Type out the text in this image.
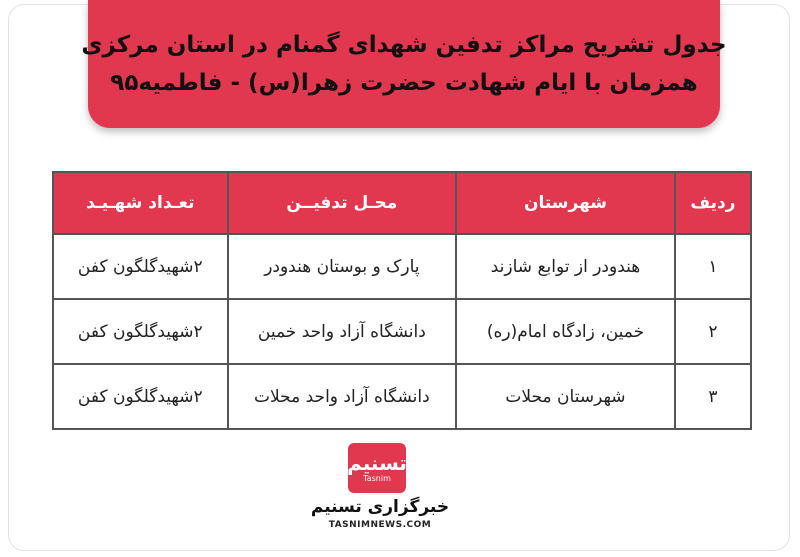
جدول تشریح مراکز تدفین شهدای گمنام در استان مرکزی
همزمان با ایام شهادت حضرت زهرا(س) - فاطمیه۹۵
ردیف	شهرستان	محـل تدفیــن	تعـداد شهـیـد
۱	هندودر از توابع شازند	پارک و بوستان هندودر	۲شهیدگلگون کفن
۲	خمین، زادگاه امام(ره)	دانشگاه آزاد واحد خمین	۲شهیدگلگون کفن
۳	شهرستان محلات	دانشگاه آزاد واحد محلات	۲شهیدگلگون کفن
تسنیم
Tasnim
خبرگزاری تسنیم
TASNIMNEWS.COM
